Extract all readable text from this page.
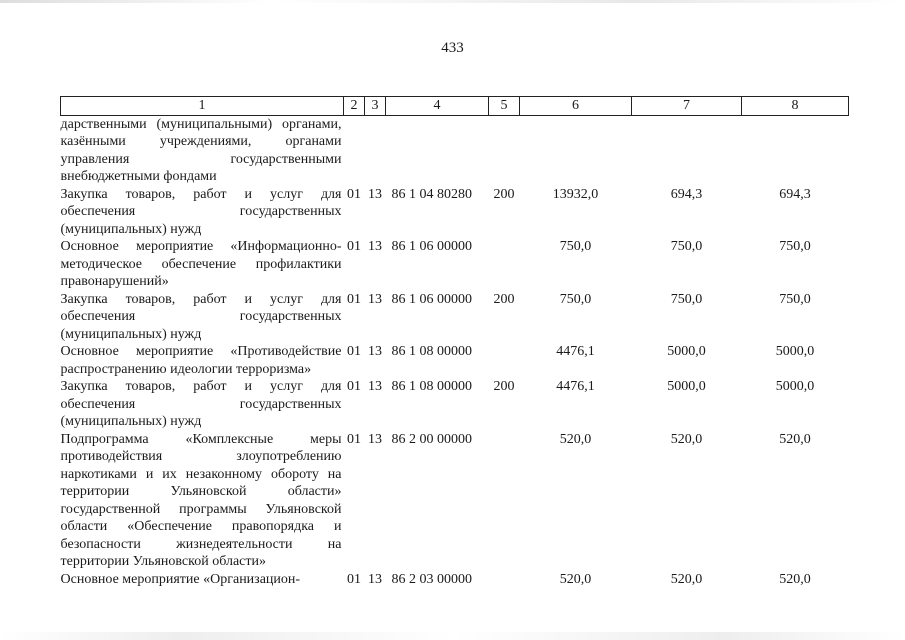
433
1	2	3	4	5	6	7	8
дарственными (муниципальными) органами, казёнными учреждениями, органами управления государственными внебюджетными фондами							
Закупка товаров, работ и услуг для обеспечения государственных (муниципальных) нужд	01	13	86 1 04 80280	200	13932,0	694,3	694,3
Основное мероприятие «Информационно-методическое обеспечение профилактики правонарушений»	01	13	86 1 06 00000		750,0	750,0	750,0
Закупка товаров, работ и услуг для обеспечения государственных (муниципальных) нужд	01	13	86 1 06 00000	200	750,0	750,0	750,0
Основное мероприятие «Противодействие распространению идеологии терроризма»	01	13	86 1 08 00000		4476,1	5000,0	5000,0
Закупка товаров, работ и услуг для обеспечения государственных (муниципальных) нужд	01	13	86 1 08 00000	200	4476,1	5000,0	5000,0
Подпрограмма «Комплексные меры противодействия злоупотреблению наркотиками и их незаконному обороту на территории Ульяновской области» государственной программы Ульяновской области «Обеспечение правопорядка и безопасности жизнедеятельности на территории Ульяновской области»	01	13	86 2 00 00000		520,0	520,0	520,0
Основное мероприятие «Организацион-	01	13	86 2 03 00000		520,0	520,0	520,0
